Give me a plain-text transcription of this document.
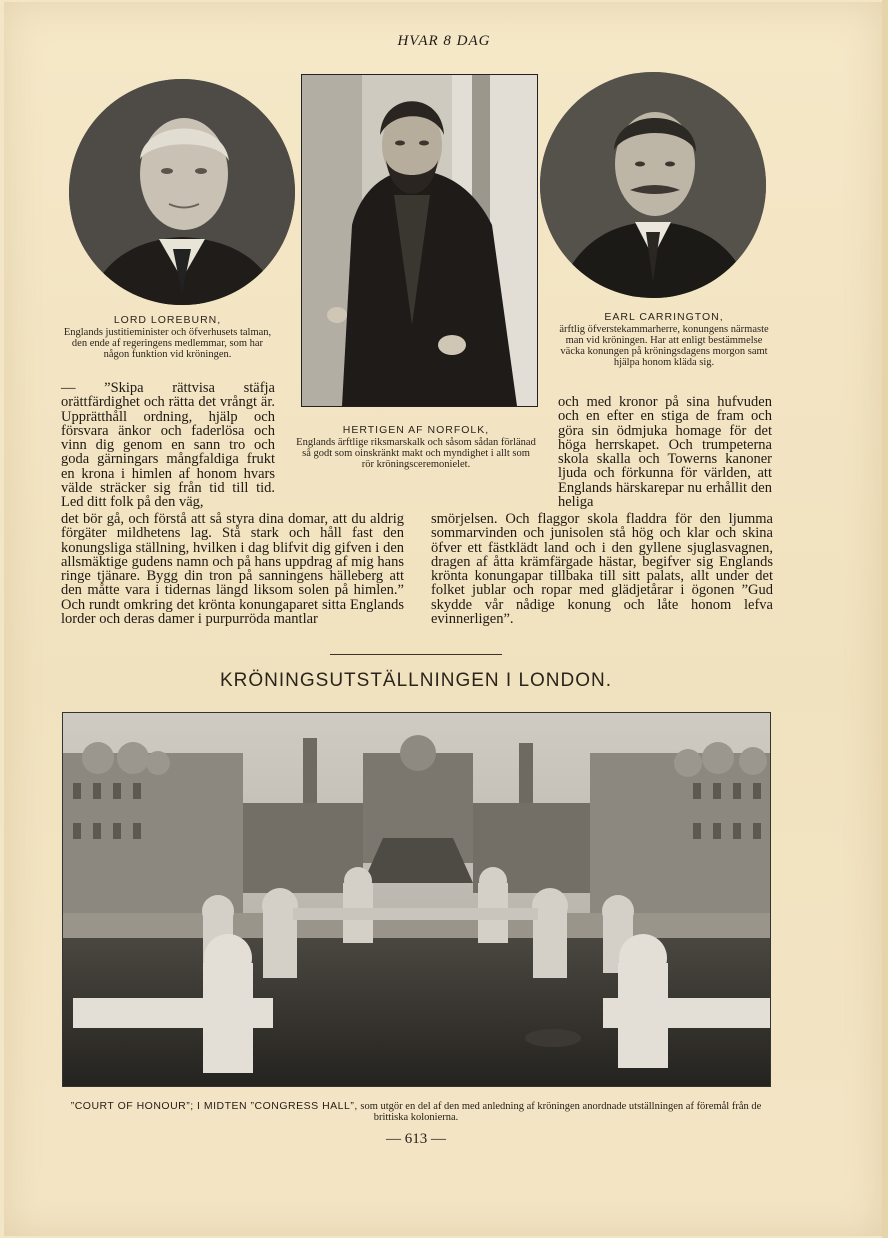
HVAR 8 DAG
LORD LOREBURN,
Englands justitieminister och öfverhusets talman, den ende af regeringens medlemmar, som har någon funktion vid kröningen.
HERTIGEN AF NORFOLK,
Englands ärftlige riksmarskalk och såsom sådan förlänad så godt som oinskränkt makt och myndighet i allt som rör kröningsceremonielet.
EARL CARRINGTON,
ärftlig öfverstekammarherre, konungens närmaste man vid kröningen. Har att enligt bestämmelse väcka konungen på kröningsdagens morgon samt hjälpa honom kläda sig.
— ”Skipa rättvisa stäfja orättfärdighet och rätta det vrångt är. Upprätthåll ordning, hjälp och försvara änkor och faderlösa och vinn dig genom en sann tro och goda gärningars mångfaldiga frukt en krona i himlen af honom hvars välde sträcker sig från tid till tid. Led ditt folk på den väg,
det bör gå, och förstå att så styra dina domar, att du aldrig förgäter mildhetens lag. Stå stark och håll fast den konungsliga ställning, hvilken i dag blifvit dig gifven i den allsmäktige gudens namn och på hans uppdrag af mig hans ringe tjänare. Bygg din tron på sanningens hälleberg att den måtte vara i tidernas längd liksom solen på himlen.” Och rundt omkring det krönta konungaparet sitta Englands lorder och deras damer i purpurröda mantlar
och med kronor på sina hufvuden och en efter en stiga de fram och göra sin ödmjuka homage för det höga herrskapet. Och trumpeterna skola skalla och Towerns kanoner ljuda och förkunna för världen, att Englands härskarepar nu erhållit den heliga
smörjelsen. Och flaggor skola fladdra för den ljumma sommarvinden och junisolen stå hög och klar och skina öfver ett fästklädt land och i den gyllene sjuglasvagnen, dragen af åtta krämfärgade hästar, begifver sig Englands krönta konungapar tillbaka till sitt palats, allt under det folket jublar och ropar med glädjetårar i ögonen ”Gud skydde vår nådige konung och låte honom lefva evinnerligen”.
KRÖNINGSUTSTÄLLNINGEN I LONDON.
”COURT OF HONOUR”; I MIDTEN ”CONGRESS HALL”, som utgör en del af den med anledning af kröningen anordnade utställningen af föremål från de brittiska kolonierna.
— 613 —
